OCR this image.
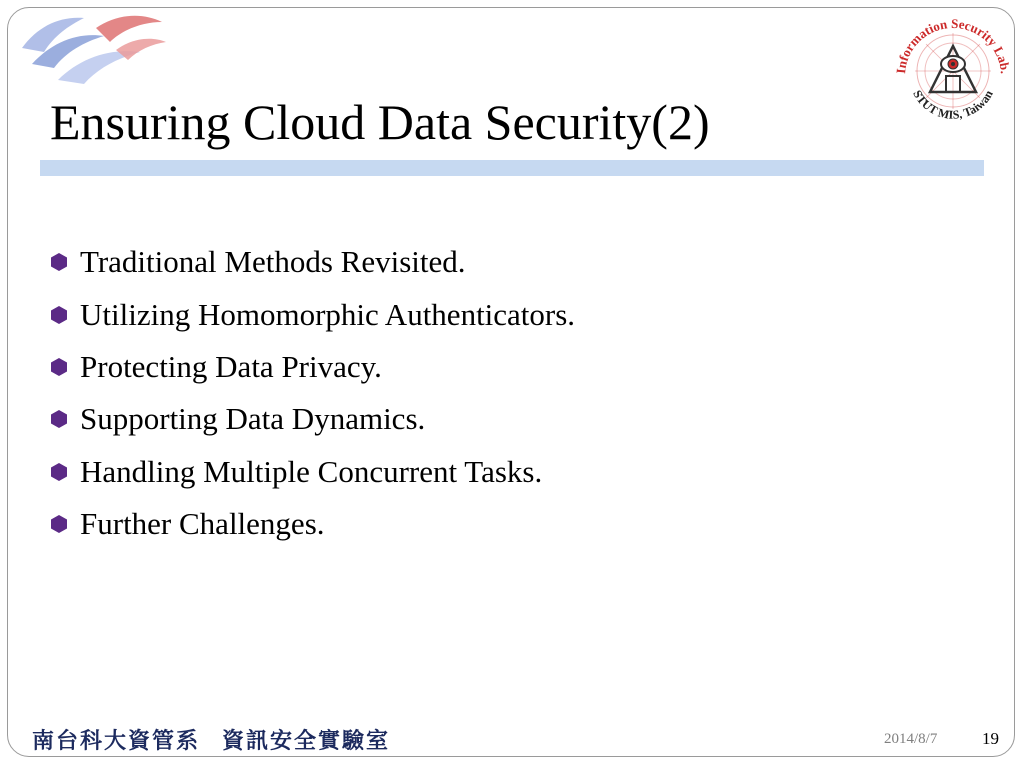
Ensuring Cloud Data Security(2)
Information Security Lab.
STUT MIS, Taiwan
Traditional Methods Revisited.
Utilizing Homomorphic Authenticators.
Protecting Data Privacy.
Supporting Data Dynamics.
Handling Multiple Concurrent Tasks.
Further Challenges.
南台科大資管系 資訊安全實驗室	2014/8/7	19
